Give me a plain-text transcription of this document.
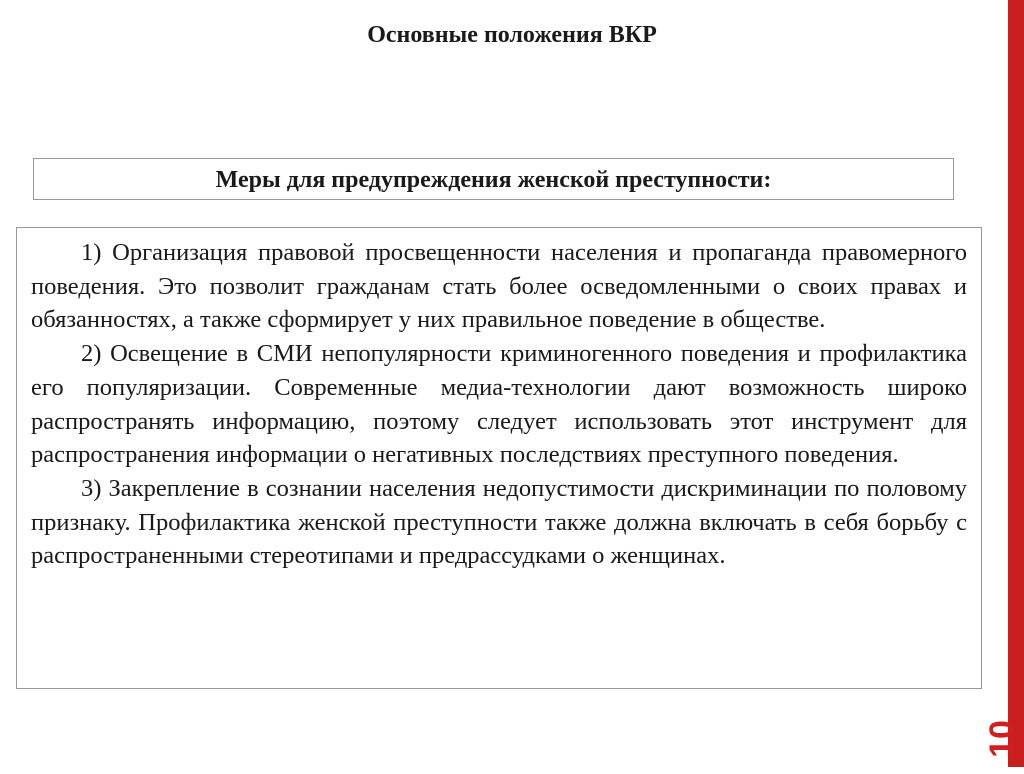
Основные положения ВКР
Меры для предупреждения женской преступности:

1) Организация правовой просвещенности населения и пропаганда правомерного поведения. Это позволит гражданам стать более осведомленными о своих правах и обязанностях, а также сформирует у них правильное поведение в обществе.

2) Освещение в СМИ непопулярности криминогенного поведения и профилактика его популяризации. Современные медиа-технологии дают возможность широко распространять информацию, поэтому следует использовать этот инструмент для распространения информации о негативных последствиях преступного поведения.

3) Закрепление в сознании населения недопустимости дискриминации по половому признаку. Профилактика женской преступности также должна включать в себя борьбу с распространенными стереотипами и предрассудками о женщинах.

10
